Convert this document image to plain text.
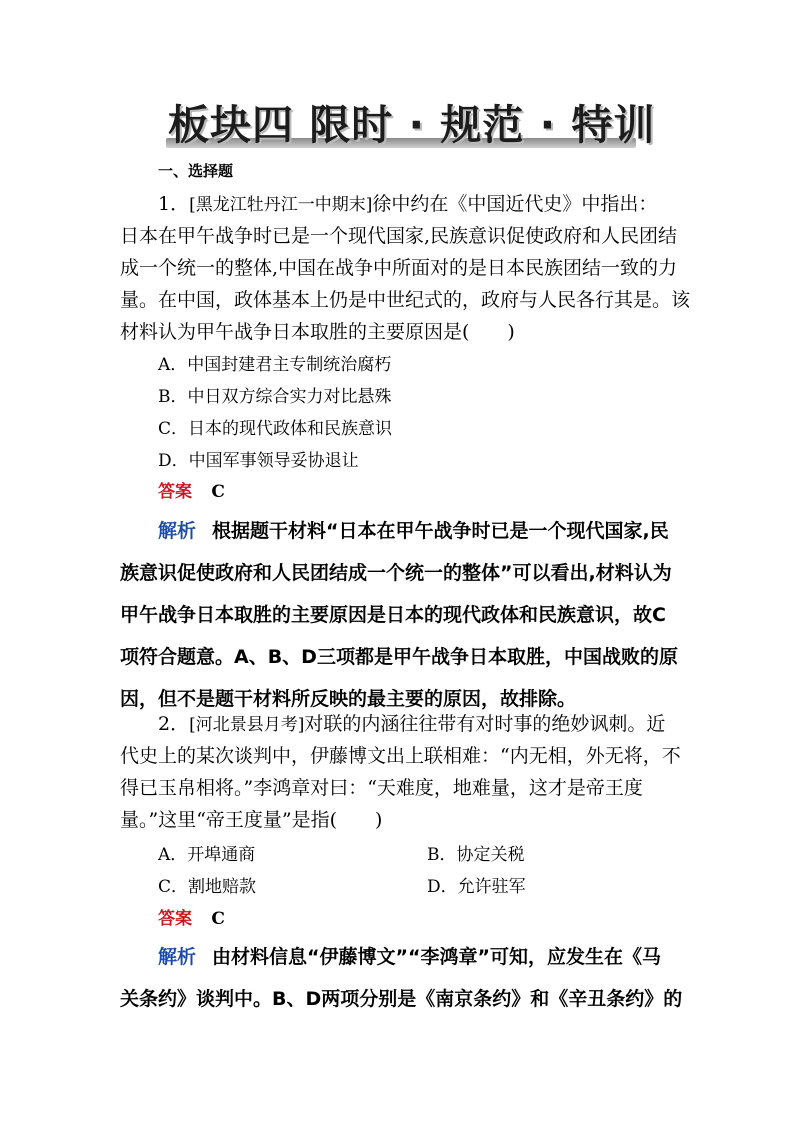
板块四 限时 · 规范 · 特训
一、选择题
1．[黑龙江牡丹江一中期末]徐中约在《中国近代史》中指出：
日本在甲午战争时已是一个现代国家,民族意识促使政府和人民团结
成一个统一的整体,中国在战争中所面对的是日本民族团结一致的力
量。在中国，政体基本上仍是中世纪式的，政府与人民各行其是。该
材料认为甲午战争日本取胜的主要原因是(　　)
A．中国封建君主专制统治腐朽
B．中日双方综合实力对比悬殊
C．日本的现代政体和民族意识
D．中国军事领导妥协退让
答案 C
解析 根据题干材料“日本在甲午战争时已是一个现代国家,民
族意识促使政府和人民团结成一个统一的整体”可以看出,材料认为
甲午战争日本取胜的主要原因是日本的现代政体和民族意识，故C
项符合题意。A、B、D三项都是甲午战争日本取胜，中国战败的原
因，但不是题干材料所反映的最主要的原因，故排除。
2．[河北景县月考]对联的内涵往往带有对时事的绝妙讽刺。近
代史上的某次谈判中，伊藤博文出上联相难：“内无相，外无将，不
得已玉帛相将。”李鸿章对曰：“天难度，地难量，这才是帝王度
量。”这里“帝王度量”是指(　　)
A．开埠通商	B．协定关税
C．割地赔款	D．允许驻军
答案 C
解析 由材料信息“伊藤博文”“李鸿章”可知，应发生在《马
关条约》谈判中。B、D两项分别是《南京条约》和《辛丑条约》的
